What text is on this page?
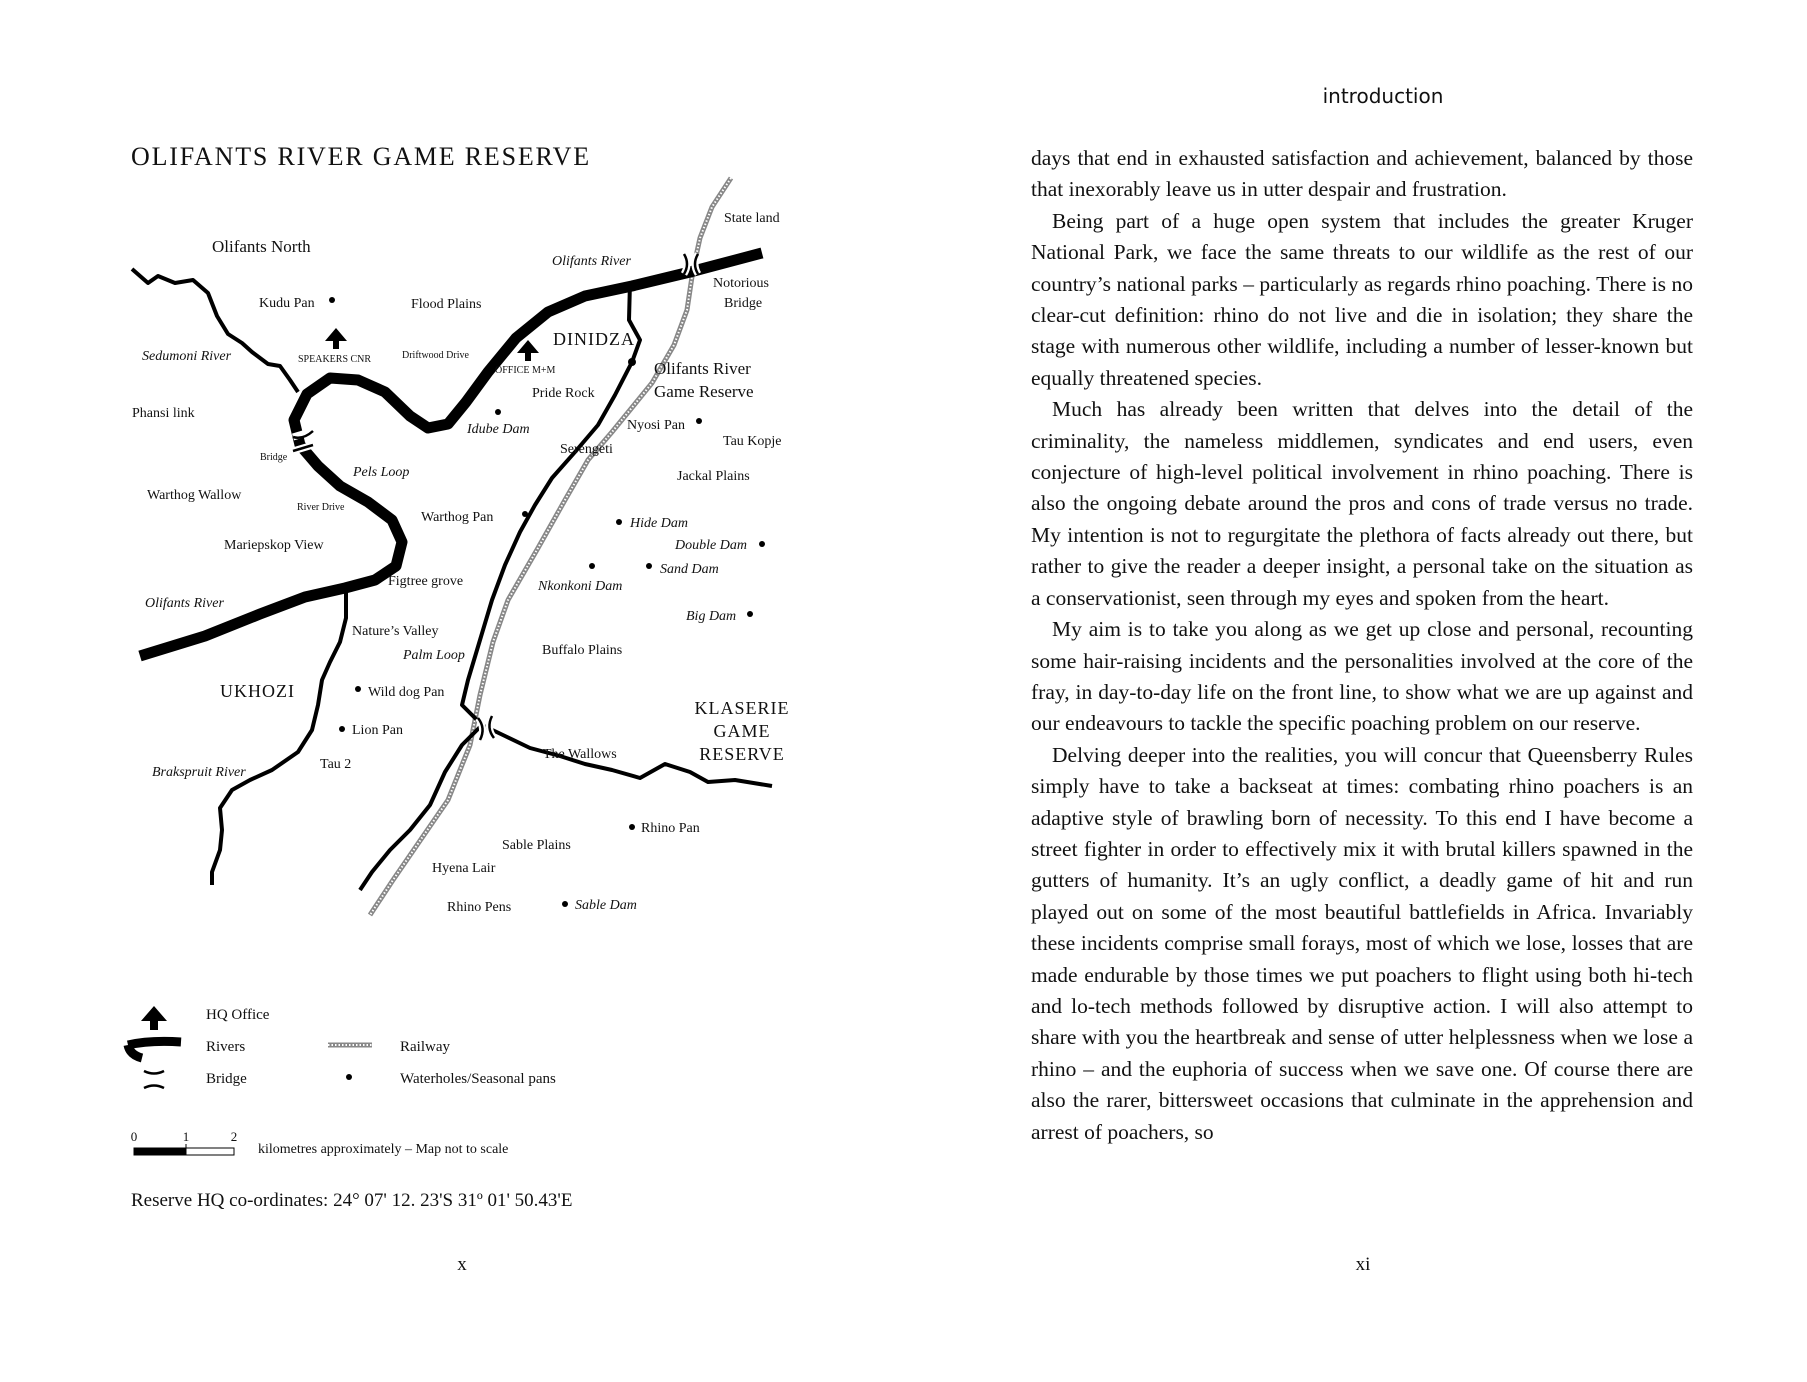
OLIFANTS RIVER GAME RESERVE
Olifants North
State land
Olifants River
Notorious
Bridge
Kudu Pan	Flood Plains
DINIDZA
Sedumoni River	SPEAKERS CNR	Driftwood Drive
OFFICE M+M	Olifants River
Game Reserve
Pride Rock
Phansi link
Idube Dam	Nyosi Pan
Tau Kopje
Serengeti
Bridge
Pels Loop	Jackal Plains
Warthog Wallow
River Drive
Warthog Pan	Hide Dam
Double Dam
Mariepskop View
Sand Dam
Figtree grove	Nkonkoni Dam
Olifants River
Big Dam
Nature’s Valley
Palm Loop	Buffalo Plains
UKHOZI	Wild dog Pan
KLASERIE
GAME
RESERVE
Lion Pan
The Wallows
Brakspruit River
Tau 2
Rhino Pan
Sable Plains
Hyena Lair
Rhino Pens	Sable Dam
HQ Office
Rivers	Railway
Bridge	Waterholes/Seasonal pans
0	1	2
kilometres approximately – Map not to scale

Reserve HQ co-ordinates: 24° 07' 12. 23'S 31º 01' 50.43'E

x
introduction

days that end in exhausted satisfaction and achievement, balanced by those that inexorably leave us in utter despair and frustration.

Being part of a huge open system that includes the greater Kruger National Park, we face the same threats to our wildlife as the rest of our country’s national parks – particularly as regards rhino poaching. There is no clear-cut definition: rhino do not live and die in isolation; they share the stage with numerous other wildlife, including a number of lesser-known but equally threatened species.

Much has already been written that delves into the detail of the criminality, the nameless middlemen, syndicates and end users, even conjecture of high-level political involvement in rhino poaching. There is also the ongoing debate around the pros and cons of trade versus no trade. My intention is not to regurgitate the plethora of facts already out there, but rather to give the reader a deeper insight, a personal take on the situation as a conservationist, seen through my eyes and spoken from the heart.

My aim is to take you along as we get up close and personal, recounting some hair-raising incidents and the personalities involved at the core of the fray, in day-to-day life on the front line, to show what we are up against and our endeavours to tackle the specific poaching problem on our reserve.

Delving deeper into the realities, you will concur that Queensberry Rules simply have to take a backseat at times: combating rhino poachers is an adaptive style of brawling born of necessity. To this end I have become a street fighter in order to effectively mix it with brutal killers spawned in the gutters of humanity. It’s an ugly conflict, a deadly game of hit and run played out on some of the most beautiful battlefields in Africa. Invariably these incidents comprise small forays, most of which we lose, losses that are made endurable by those times we put poachers to flight using both hi-tech and lo-tech methods followed by disruptive action. I will also attempt to share with you the heartbreak and sense of utter helplessness when we lose a rhino – and the euphoria of success when we save one. Of course there are also the rarer, bittersweet occasions that culminate in the apprehension and arrest of poachers, so

xi
